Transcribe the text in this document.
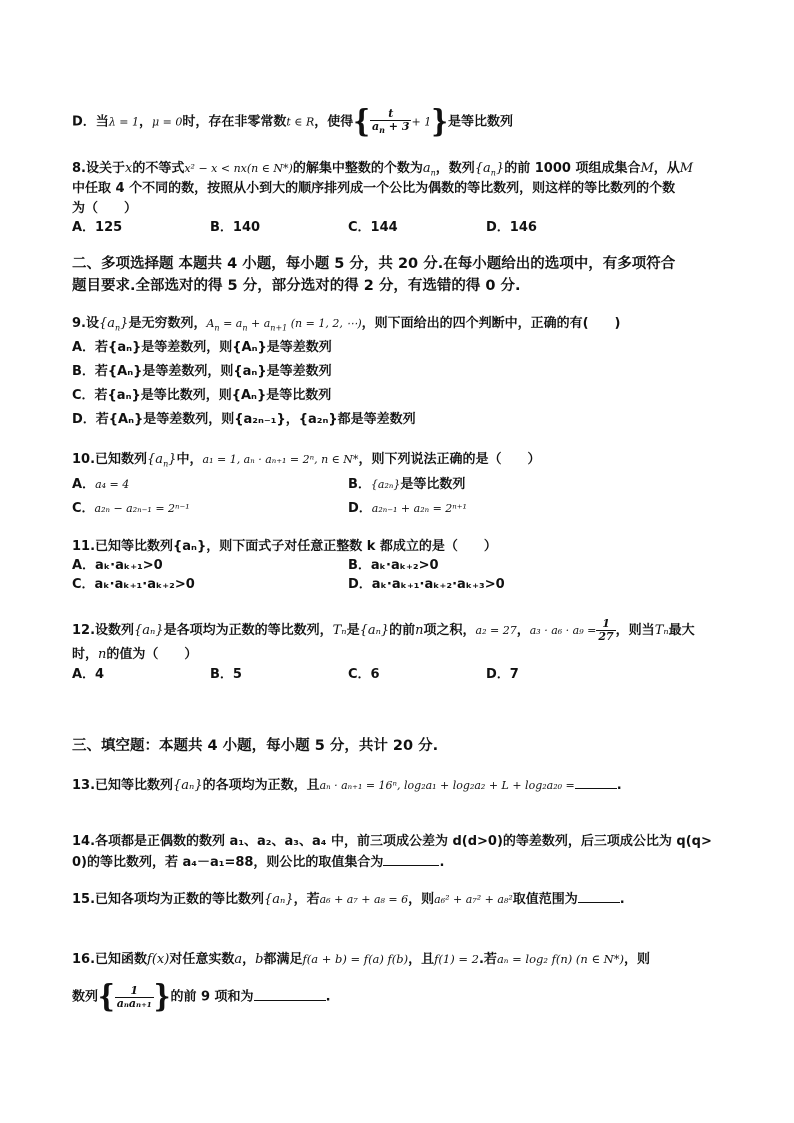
D．当λ = 1，μ = 0时，存在非零常数t ∈ R，使得{ $\frac{t}{a_n + 3} + 1$}是等比数列
8.设关于x的不等式x² − x < nx(n ∈ N*)的解集中整数的个数为$a_n$，数列$\{a_n\}$的前 1000 项组成集合M，从M
中任取 4 个不同的数，按照从小到大的顺序排列成一个公比为偶数的等比数列，则这样的等比数列的个数
为（　　）
A．125	B．140	C．144	D．146
二、多项选择题 本题共 4 小题，每小题 5 分，共 20 分.在每小题给出的选项中，有多项符合
题目要求.全部选对的得 5 分，部分选对的得 2 分，有选错的得 0 分.
9.设$\{a_n\}$是无穷数列，$A_n = a_n + a_{n+1}$ (n = 1, 2, ⋯)，则下面给出的四个判断中，正确的有(　　)
A．若{aₙ}是等差数列，则{Aₙ}是等差数列
B．若{Aₙ}是等差数列，则{aₙ}是等差数列
C．若{aₙ}是等比数列，则{Aₙ}是等比数列
D．若{Aₙ}是等差数列，则{a₂ₙ₋₁}，{a₂ₙ}都是等差数列
10.已知数列$\{a_n\}$中，a₁ = 1, aₙ · aₙ₊₁ = 2ⁿ, n ∈ N*，则下列说法正确的是（　　）
A．a₄ = 4	B．{a₂ₙ}是等比数列
C．a₂ₙ − a₂ₙ₋₁ = 2ⁿ⁻¹	D．a₂ₙ₋₁ + a₂ₙ = 2ⁿ⁺¹
11.已知等比数列{aₙ}，则下面式子对任意正整数 k 都成立的是（　　）
A．aₖ·aₖ₊₁>0	B．aₖ·aₖ₊₂>0
C．aₖ·aₖ₊₁·aₖ₊₂>0	D．aₖ·aₖ₊₁·aₖ₊₂·aₖ₊₃>0
12.设数列{aₙ}是各项均为正数的等比数列，Tₙ是{aₙ}的前n项之积，a₂ = 27，$a_3 \cdot a_6 \cdot a_9 = \frac{1}{27}$ ，则当Tₙ最大
时，n的值为（　　）
A．4	B．5	C．6	D．7
三、填空题：本题共 4 小题，每小题 5 分，共计 20 分.
13.已知等比数列{aₙ}的各项均为正数，且aₙ · aₙ₊₁ = 16ⁿ, log₂a₁ + log₂a₂ + L + log₂a₂₀ =	.
14.各项都是正偶数的数列 a₁、a₂、a₃、a₄ 中，前三项成公差为 d(d>0)的等差数列，后三项成公比为 q(q>
0)的等比数列，若 a₄－a₁=88，则公比的取值集合为	.
15.已知各项均为正数的等比数列{aₙ}，若a₆ + a₇ + a₈ = 6，则a₆² + a₇² + a₈²取值范围为	.
16.已知函数f(x)对任意实数a，b都满足f(a + b) = f(a) f(b)，且f(1) = 2.若aₙ = log₂ f(n) (n ∈ N*)，则
数列{ $\frac{1}{\text{aₙaₙ₊₁}}$ }的前 9 项和为	.
